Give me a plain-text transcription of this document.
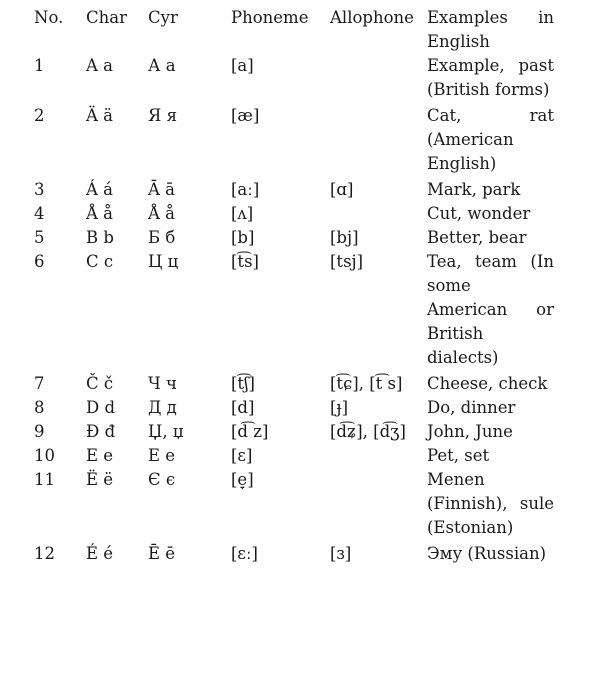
No.	Char	Cyr	Phoneme	Allophone	Examples in English
1	A a	А а	[a]		Example, past (British forms)
2	Ä ä	Я я	[æ]		Cat, rat (American English)
3	Á á	Ā ā	[aː]	[ɑ]	Mark, park
4	Å å	Å å	[ʌ]		Cut, wonder
5	B b	Б б	[b]	[bj]	Better, bear
6	C c	Ц ц	[t͡s]	[tsj]	Tea, team (In some American or British dialects)
7	Č č	Ч ч	[t͡ʃ]	[t͡ɕ], [t͡ s]	Cheese, check
8	D d	Д д	[d]	[ɟ]	Do, dinner
9	Đ đ	Џ, џ	[d͡ z]	[d͡ʑ], [d͡ʒ]	John, June
10	E e	Е е	[ɛ]		Pet, set
11	Ë ë	Є є	[e̞]		Menen (Finnish), sule (Estonian)
12	É é	Ē ē	[ɛː]	[ɜ]	Эму (Russian)
